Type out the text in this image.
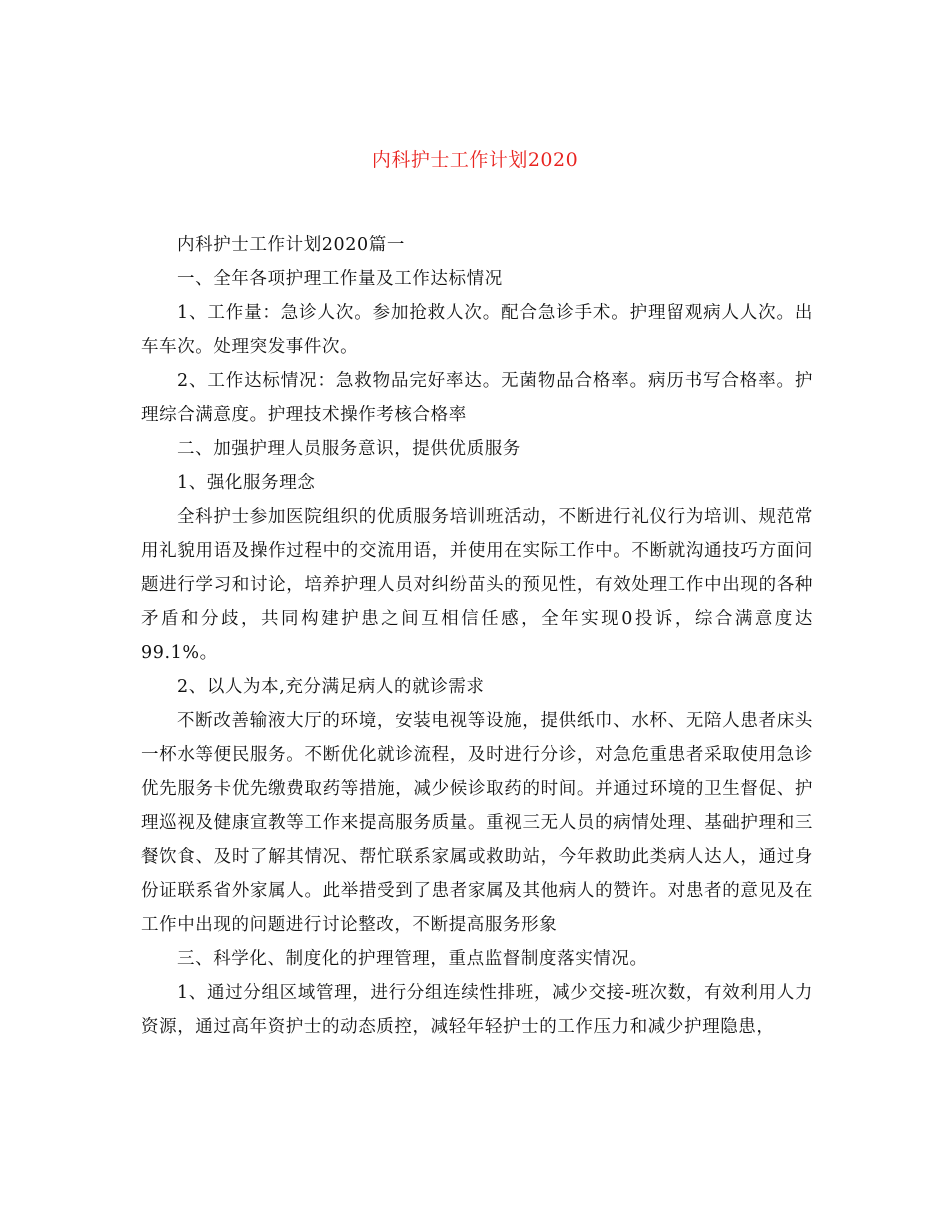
内科护士工作计划2020

内科护士工作计划2020篇一

一、全年各项护理工作量及工作达标情况

1、工作量：急诊人次。参加抢救人次。配合急诊手术。护理留观病人人次。出车车次。处理突发事件次。

2、工作达标情况：急救物品完好率达。无菌物品合格率。病历书写合格率。护理综合满意度。护理技术操作考核合格率

二、加强护理人员服务意识，提供优质服务

1、强化服务理念

全科护士参加医院组织的优质服务培训班活动，不断进行礼仪行为培训、规范常用礼貌用语及操作过程中的交流用语，并使用在实际工作中。不断就沟通技巧方面问题进行学习和讨论，培养护理人员对纠纷苗头的预见性，有效处理工作中出现的各种矛盾和分歧，共同构建护患之间互相信任感，全年实现0投诉，综合满意度达99.1%。

2、以人为本,充分满足病人的就诊需求

不断改善输液大厅的环境，安装电视等设施，提供纸巾、水杯、无陪人患者床头一杯水等便民服务。不断优化就诊流程，及时进行分诊，对急危重患者采取使用急诊优先服务卡优先缴费取药等措施，减少候诊取药的时间。并通过环境的卫生督促、护理巡视及健康宣教等工作来提高服务质量。重视三无人员的病情处理、基础护理和三餐饮食、及时了解其情况、帮忙联系家属或救助站，今年救助此类病人达人，通过身份证联系省外家属人。此举措受到了患者家属及其他病人的赞许。对患者的意见及在工作中出现的问题进行讨论整改，不断提高服务形象

三、科学化、制度化的护理管理，重点监督制度落实情况。

1、通过分组区域管理，进行分组连续性排班，减少交接-班次数，有效利用人力资源，通过高年资护士的动态质控，减轻年轻护士的工作压力和减少护理隐患，
